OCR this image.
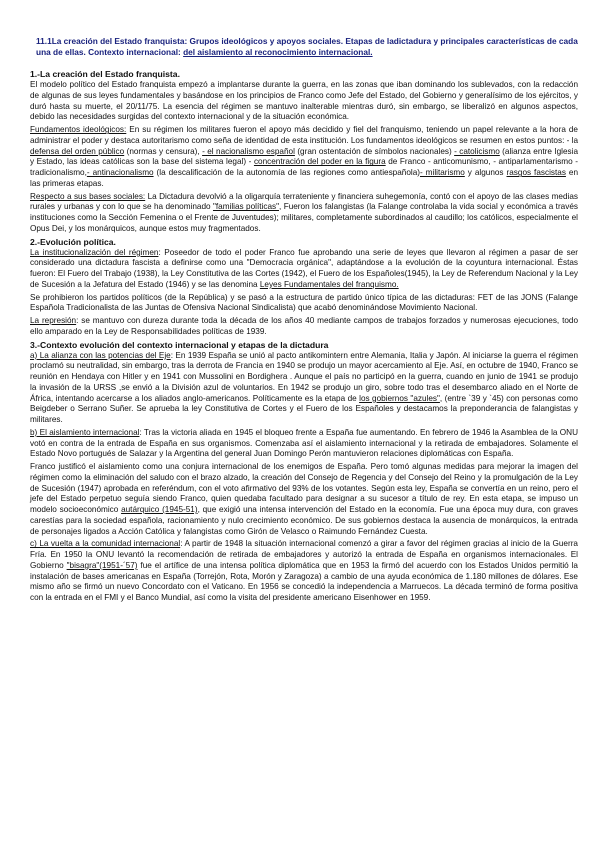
11.1La creación del Estado franquista: Grupos ideológicos y apoyos sociales. Etapas de ladictadura y principales características de cada una de ellas. Contexto internacional: del aislamiento al reconocimiento internacional.

1.-La creación del Estado franquista.

El modelo político del Estado franquista empezó a implantarse durante la guerra, en las zonas que iban dominando los sublevados, con la redacción de algunas de sus leyes fundamentales y basándose en los principios de Franco como Jefe del Estado, del Gobierno y generalísimo de los ejércitos, y duró hasta su muerte, el 20/11/75. La esencia del régimen se mantuvo inalterable mientras duró, sin embargo, se liberalizó en algunos aspectos, debido las necesidades surgidas del contexto internacional y de la situación económica.

Fundamentos ideológicos: En su régimen los militares fueron el apoyo más decidido y fiel del franquismo, teniendo un papel relevante a la hora de administrar el poder y destaca autoritarismo como seña de identidad de esta institución. Los fundamentos ideológicos se resumen en estos puntos: - la defensa del orden público (normas y censura), - el nacionalismo español (gran ostentación de símbolos nacionales) - catolicismo (alianza entre Iglesia y Estado, las ideas católicas son la base del sistema legal) - concentración del poder en la figura de Franco - anticomunismo, - antiparlamentarismo - tradicionalismo,- antinacionalismo (la descalificación de la autonomía de las regiones como antiespañola)- militarismo y algunos rasgos fascistas en las primeras etapas.

Respecto a sus bases sociales: La Dictadura devolvió a la oligarquía terrateniente y financiera suhegemonía, contó con el apoyo de las clases medias rurales y urbanas y con lo que se ha denominado "familias políticas", Fueron los falangistas (la Falange controlaba la vida social y económica a través instituciones como la Sección Femenina o el Frente de Juventudes); militares, completamente subordinados al caudillo; los católicos, especialmente el Opus Dei, y los monárquicos, aunque estos muy fragmentados.

2.-Evolución política.

La institucionalización del régimen: Poseedor de todo el poder Franco fue aprobando una serie de leyes que llevaron al régimen a pasar de ser considerado una dictadura fascista a definirse como una "Democracia orgánica", adaptándose a la evolución de la coyuntura internacional. Éstas fueron: El Fuero del Trabajo (1938), la Ley Constitutiva de las Cortes (1942), el Fuero de los Españoles(1945), la Ley de Referendum Nacional y la Ley de Sucesión a la Jefatura del Estado (1946) y se las denomina Leyes Fundamentales del franquismo.

Se prohibieron los partidos políticos (de la República) y se pasó a la estructura de partido único típica de las dictaduras: FET de las JONS (Falange Española Tradicionalista de las Juntas de Ofensiva Nacional Sindicalista) que acabó denominándose Movimiento Nacional.

La represión: se mantuvo con dureza durante toda la década de los años 40 mediante campos de trabajos forzados y numerosas ejecuciones, todo ello amparado en la Ley de Responsabilidades políticas de 1939.

3.-Contexto evolución del contexto internacional y etapas de la dictadura

a) La alianza con las potencias del Eje: En 1939 España se unió al pacto antikomintern entre Alemania, Italia y Japón. Al iniciarse la guerra el régimen proclamó su neutralidad, sin embargo, tras la derrota de Francia en 1940 se produjo un mayor acercamiento al Eje. Así, en octubre de 1940, Franco se reunión en Hendaya con Hitler y en 1941 con Mussolini en Bordighera . Aunque el país no participó en la guerra, cuando en junio de 1941 se produjo la invasión de la URSS ,se envió a la División azul de voluntarios. En 1942 se produjo un giro, sobre todo tras el desembarco aliado en el Norte de África, intentando acercarse a los aliados anglo-americanos. Políticamente es la etapa de los gobiernos "azules", (entre `39 y `45) con personas como Beigdeber o Serrano Suñer. Se aprueba la ley Constitutiva de Cortes y el Fuero de los Españoles y destacamos la preponderancia de falangistas y militares.

b) El aislamiento internacional: Tras la victoria aliada en 1945 el bloqueo frente a España fue aumentando. En febrero de 1946 la Asamblea de la ONU votó en contra de la entrada de España en sus organismos. Comenzaba así el aislamiento internacional y la retirada de embajadores. Solamente el Estado Novo portugués de Salazar y la Argentina del general Juan Domingo Perón mantuvieron relaciones diplomáticas con España.

Franco justificó el aislamiento como una conjura internacional de los enemigos de España. Pero tomó algunas medidas para mejorar la imagen del régimen como la eliminación del saludo con el brazo alzado, la creación del Consejo de Regencia y del Consejo del Reino y la promulgación de la Ley de Sucesión (1947) aprobada en referéndum, con el voto afirmativo del 93% de los votantes. Según esta ley, España se convertía en un reino, pero el jefe del Estado perpetuo seguía siendo Franco, quien quedaba facultado para designar a su sucesor a título de rey. En esta etapa, se impuso un modelo socioeconómico autárquico (1945-51), que exigió una intensa intervención del Estado en la economía. Fue una época muy dura, con graves carestías para la sociedad española, racionamiento y nulo crecimiento económico. De sus gobiernos destaca la ausencia de monárquicos, la entrada de personajes ligados a Acción Católica y falangistas como Girón de Velasco o Raimundo Fernández Cuesta.

c) La vuelta a la comunidad internacional: A partir de 1948 la situación internacional comenzó a girar a favor del régimen gracias al inicio de la Guerra Fría. En 1950 la ONU levantó la recomendación de retirada de embajadores y autorizó la entrada de España en organismos internacionales. El Gobierno "bisagra"(1951-´57) fue el artífice de una intensa política diplomática que en 1953 la firmó del acuerdo con los Estados Unidos permitió la instalación de bases americanas en España (Torrejón, Rota, Morón y Zaragoza) a cambio de una ayuda económica de 1.180 millones de dólares. Ese mismo año se firmó un nuevo Concordato con el Vaticano. En 1956 se concedió la independencia a Marruecos. La década terminó de forma positiva con la entrada en el FMI y el Banco Mundial, así como la visita del presidente americano Eisenhower en 1959.
